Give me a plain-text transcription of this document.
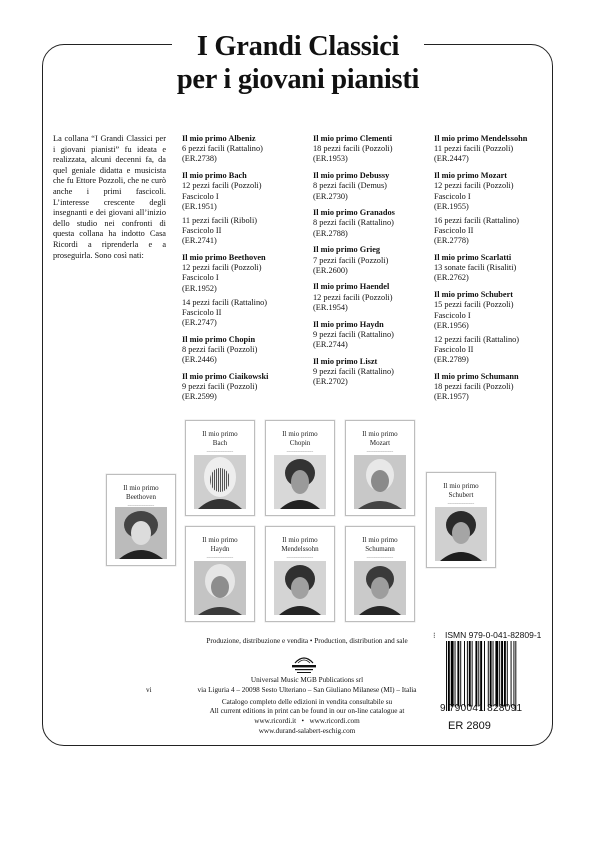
I Grandi Classici
per i giovani pianisti
La collana “I Grandi Classici per i giovani pianisti” fu ideata e realizzata, alcuni decenni fa, da quel geniale didatta e musicista che fu Ettore Pozzoli, che ne curò anche i primi fascicoli. L’interesse crescente degli insegnanti e dei giovani all’inizio dello studio nei confronti di questa collana ha indotto Casa Ricordi a riprenderla e a proseguirla. Sono così nati:
Il mio primo Albeniz
6 pezzi facili (Rattalino)
(ER.2738)
Il mio primo Bach
12 pezzi facili (Pozzoli)
Fascicolo I
(ER.1951)
11 pezzi facili (Riboli)
Fascicolo II
(ER.2741)
Il mio primo Beethoven
12 pezzi facili (Pozzoli)
Fascicolo I
(ER.1952)
14 pezzi facili (Rattalino)
Fascicolo II
(ER.2747)
Il mio primo Chopin
8 pezzi facili (Pozzoli)
(ER.2446)
Il mio primo Ciaikowski
9 pezzi facili (Pozzoli)
(ER.2599)
Il mio primo Clementi
18 pezzi facili (Pozzoli)
(ER.1953)
Il mio primo Debussy
8 pezzi facili (Demus)
(ER.2730)
Il mio primo Granados
8 pezzi facili (Rattalino)
(ER.2788)
Il mio primo Grieg
7 pezzi facili (Pozzoli)
(ER.2600)
Il mio primo Haendel
12 pezzi facili (Pozzoli)
(ER.1954)
Il mio primo Haydn
9 pezzi facili (Rattalino)
(ER.2744)
Il mio primo Liszt
9 pezzi facili (Rattalino)
(ER.2702)
Il mio primo Mendelssohn
11 pezzi facili (Pozzoli)
(ER.2447)
Il mio primo Mozart
12 pezzi facili (Pozzoli)
Fascicolo I
(ER.1955)
16 pezzi facili (Rattalino)
Fascicolo II
(ER.2778)
Il mio primo Scarlatti
13 sonate facili (Risaliti)
(ER.2762)
Il mio primo Schubert
15 pezzi facili (Pozzoli)
Fascicolo I
(ER.1956)
12 pezzi facili (Rattalino)
Fascicolo II
(ER.2789)
Il mio primo Schumann
18 pezzi facili (Pozzoli)
(ER.1957)
Il mio primo
Bach
━━━━━━━━━━━━━━━
Il mio primo
Chopin
━━━━━━━━━━━━━━━
Il mio primo
Mozart
━━━━━━━━━━━━━━━
Il mio primo
Beethoven
━━━━━━━━━━━━━━━
Il mio primo
Schubert
━━━━━━━━━━━━━━━
Il mio primo
Haydn
━━━━━━━━━━━━━━━
Il mio primo
Mendelssohn
━━━━━━━━━━━━━━━
Il mio primo
Schumann
━━━━━━━━━━━━━━━
Produzione, distribuzione e vendita • Production, distribution and sale
Universal Music MGB Publications srl
vi	via Liguria 4 – 20098 Sesto Ulteriano – San Giuliano Milanese (MI) – Italia
Catalogo completo delle edizioni in vendita consultabile su
All current editions in print can be found in our on-line catalogue at
www.ricordi.it   •   www.ricordi.com
www.durand-salabert-eschig.com
⁝ ISMN 979-0-041-82809-1
9 790041 828091
ER 2809
